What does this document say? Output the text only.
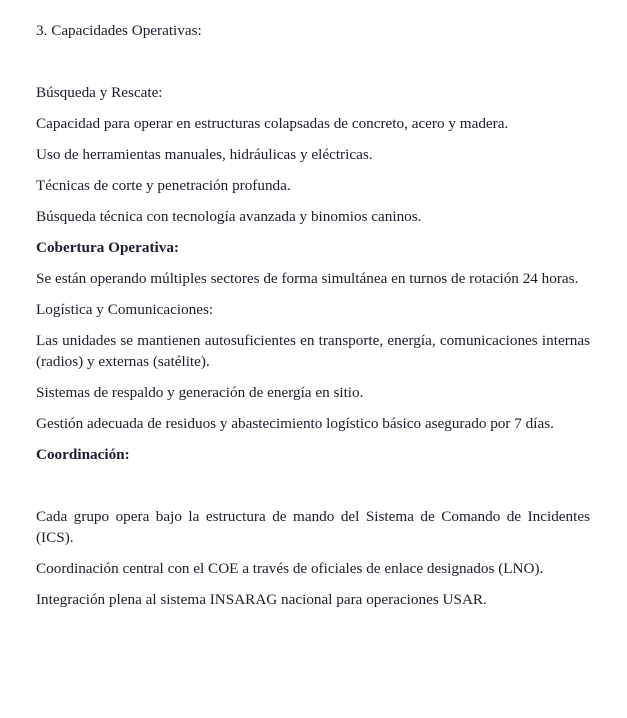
3. Capacidades Operativas:

Búsqueda y Rescate:

Capacidad para operar en estructuras colapsadas de concreto, acero y madera.

Uso de herramientas manuales, hidráulicas y eléctricas.

Técnicas de corte y penetración profunda.

Búsqueda técnica con tecnología avanzada y binomios caninos.

Cobertura Operativa:

Se están operando múltiples sectores de forma simultánea en turnos de rotación 24 horas.

Logística y Comunicaciones:

Las unidades se mantienen autosuficientes en transporte, energía, comunicaciones internas (radios) y externas (satélite).

Sistemas de respaldo y generación de energía en sitio.

Gestión adecuada de residuos y abastecimiento logístico básico asegurado por 7 días.

Coordinación:

Cada grupo opera bajo la estructura de mando del Sistema de Comando de Incidentes (ICS).

Coordinación central con el COE a través de oficiales de enlace designados (LNO).

Integración plena al sistema INSARAG nacional para operaciones USAR.
